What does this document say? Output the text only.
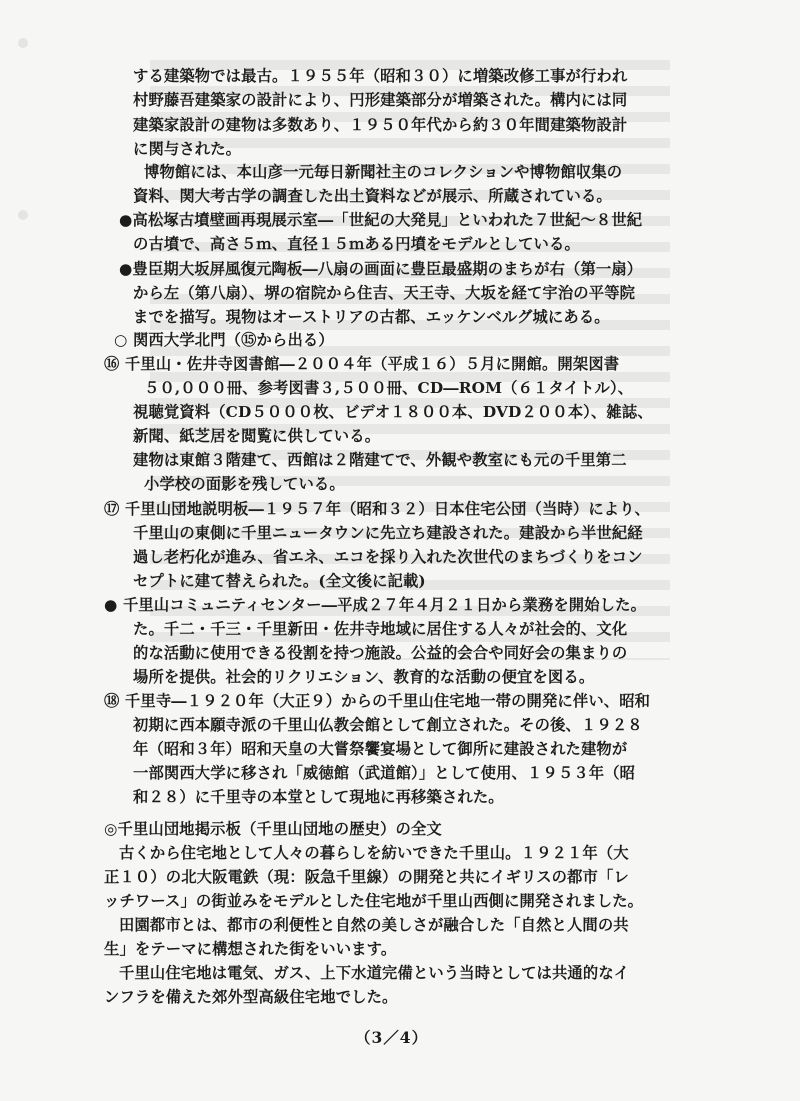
する建築物では最古。１９５５年（昭和３０）に増築改修工事が行われ
村野藤吾建築家の設計により、円形建築部分が増築された。構内には同
建築家設計の建物は多数あり、１９５０年代から約３０年間建築物設計
に関与された。
博物館には、本山彦一元毎日新聞社主のコレクションや博物館収集の
資料、関大考古学の調査した出土資料などが展示、所蔵されている。
●高松塚古墳壁画再現展示室―「世紀の大発見」といわれた７世紀～８世紀
の古墳で、高さ５ｍ、直径１５ｍある円墳をモデルとしている。
●豊臣期大坂屏風復元陶板―八扇の画面に豊臣最盛期のまちが右（第一扇）
から左（第八扇）、堺の宿院から住吉、天王寺、大坂を経て宇治の平等院
までを描写。現物はオーストリアの古都、エッケンベルグ城にある。
○ 関西大学北門（⑮から出る）
⑯ 千里山・佐井寺図書館―２００４年（平成１６）５月に開館。開架図書
５０,０００冊、参考図書３,５００冊、CD―ROM（６１タイトル）、
視聴覚資料（CD５０００枚、ビデオ１８００本、DVD２００本）、雑誌、
新聞、紙芝居を閲覧に供している。
建物は東館３階建て、西館は２階建てで、外観や教室にも元の千里第二
小学校の面影を残している。
⑰ 千里山団地説明板―１９５７年（昭和３２）日本住宅公団（当時）により、
千里山の東側に千里ニュータウンに先立ち建設された。建設から半世紀経
過し老朽化が進み、省エネ、エコを採り入れた次世代のまちづくりをコン
セプトに建て替えられた。(全文後に記載)
● 千里山コミュニティセンター―平成２７年４月２１日から業務を開始した。
た。千二・千三・千里新田・佐井寺地域に居住する人々が社会的、文化
的な活動に使用できる役割を持つ施設。公益的会合や同好会の集まりの
場所を提供。社会的リクリエション、教育的な活動の便宜を図る。
⑱ 千里寺―１９２０年（大正９）からの千里山住宅地一帯の開発に伴い、昭和
初期に西本願寺派の千里山仏教会館として創立された。その後、１９２８
年（昭和３年）昭和天皇の大嘗祭饗宴場として御所に建設された建物が
一部関西大学に移され「威徳館（武道館）」として使用、１９５３年（昭
和２８）に千里寺の本堂として現地に再移築された。
◎千里山団地掲示板（千里山団地の歴史）の全文
古くから住宅地として人々の暮らしを紡いできた千里山。１９２１年（大
正１０）の北大阪電鉄（現：阪急千里線）の開発と共にイギリスの都市「レ
ッチワース」の街並みをモデルとした住宅地が千里山西側に開発されました。
田園都市とは、都市の利便性と自然の美しさが融合した「自然と人間の共
生」をテーマに構想された街をいいます。
千里山住宅地は電気、ガス、上下水道完備という当時としては共通的なイ
ンフラを備えた郊外型高級住宅地でした。
（3／4）
